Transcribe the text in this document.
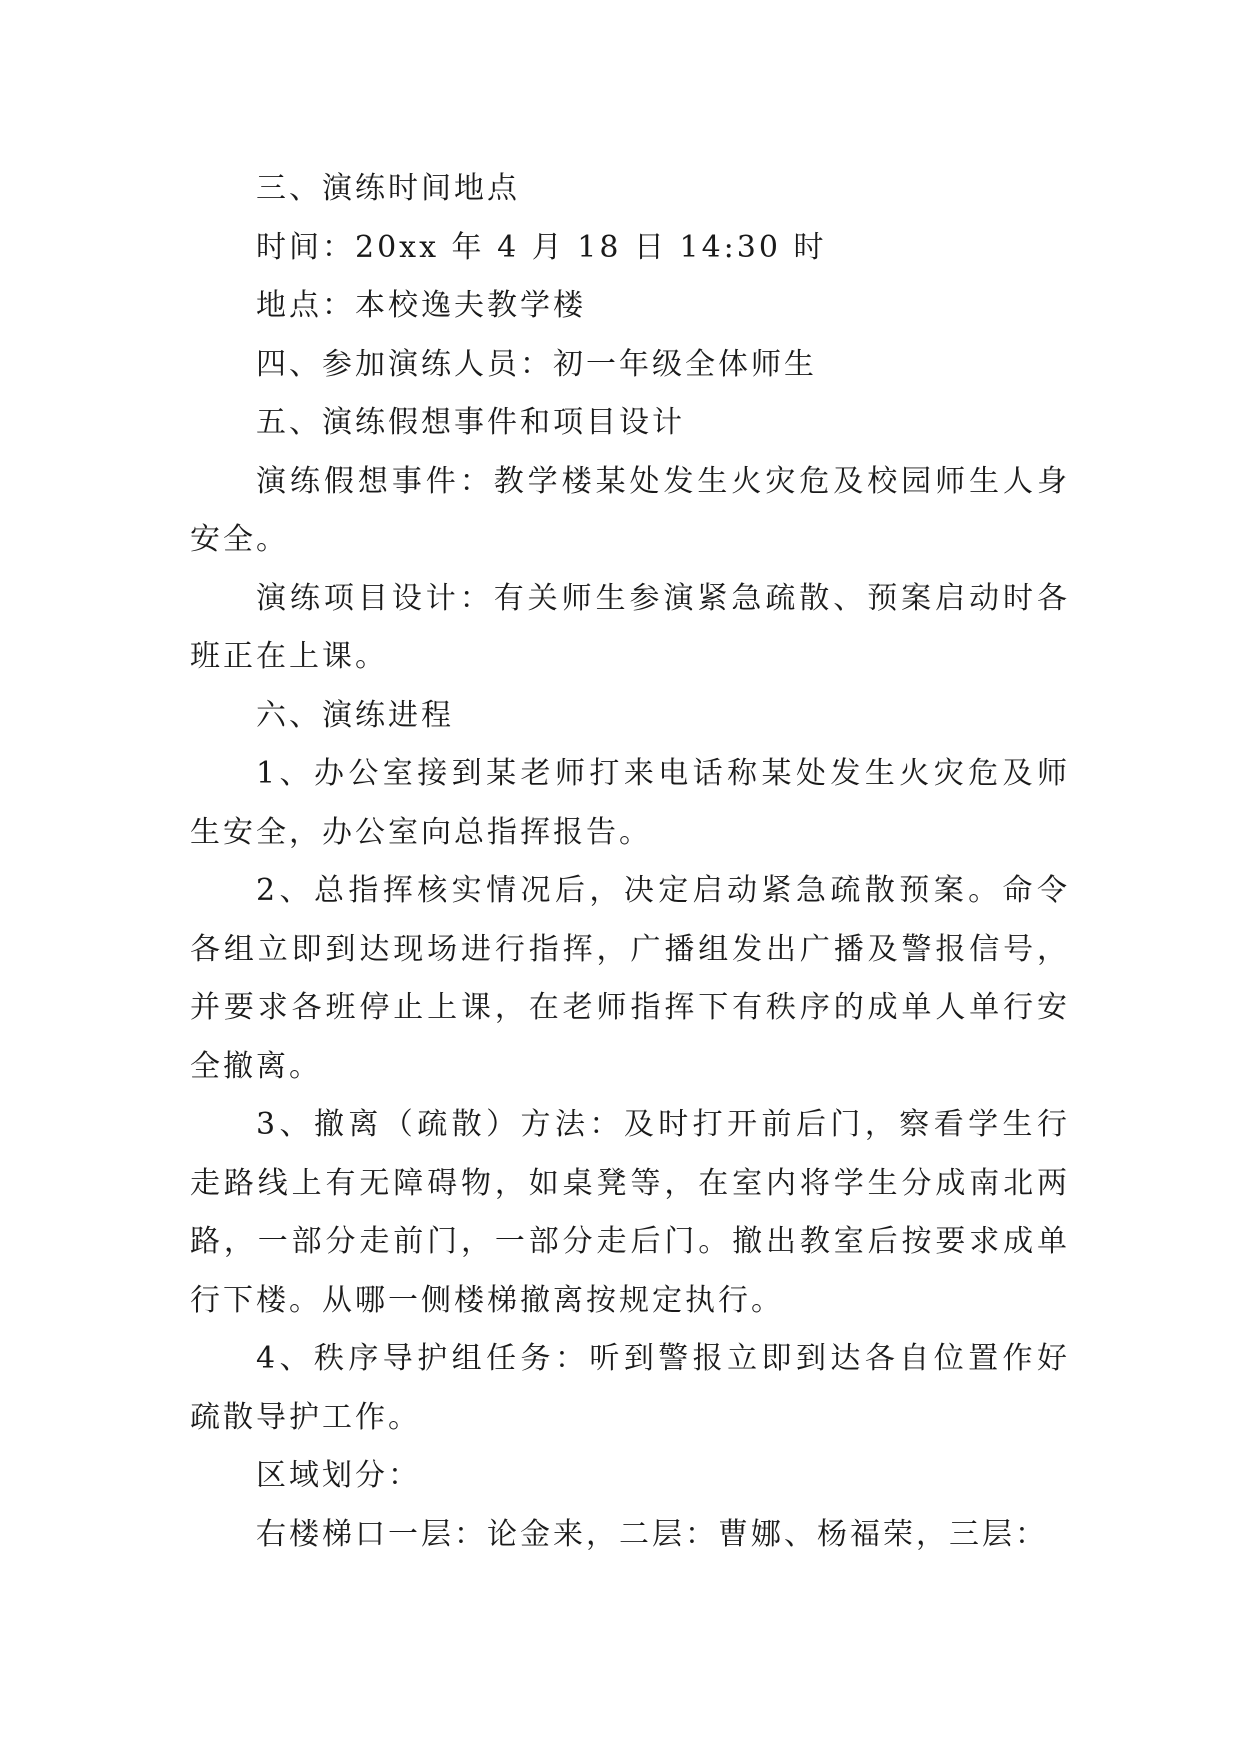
三、演练时间地点

时间：20xx 年 4 月 18 日 14:30 时

地点：本校逸夫教学楼

四、参加演练人员：初一年级全体师生

五、演练假想事件和项目设计

演练假想事件：教学楼某处发生火灾危及校园师生人身安全。

演练项目设计：有关师生参演紧急疏散、预案启动时各班正在上课。

六、演练进程

1、办公室接到某老师打来电话称某处发生火灾危及师生安全，办公室向总指挥报告。

2、总指挥核实情况后，决定启动紧急疏散预案。命令各组立即到达现场进行指挥，广播组发出广播及警报信号，并要求各班停止上课，在老师指挥下有秩序的成单人单行安全撤离。

3、撤离（疏散）方法：及时打开前后门，察看学生行走路线上有无障碍物，如桌凳等，在室内将学生分成南北两路，一部分走前门，一部分走后门。撤出教室后按要求成单行下楼。从哪一侧楼梯撤离按规定执行。

4、秩序导护组任务：听到警报立即到达各自位置作好疏散导护工作。

区域划分：

右楼梯口一层：论金来，二层：曹娜、杨福荣，三层：
